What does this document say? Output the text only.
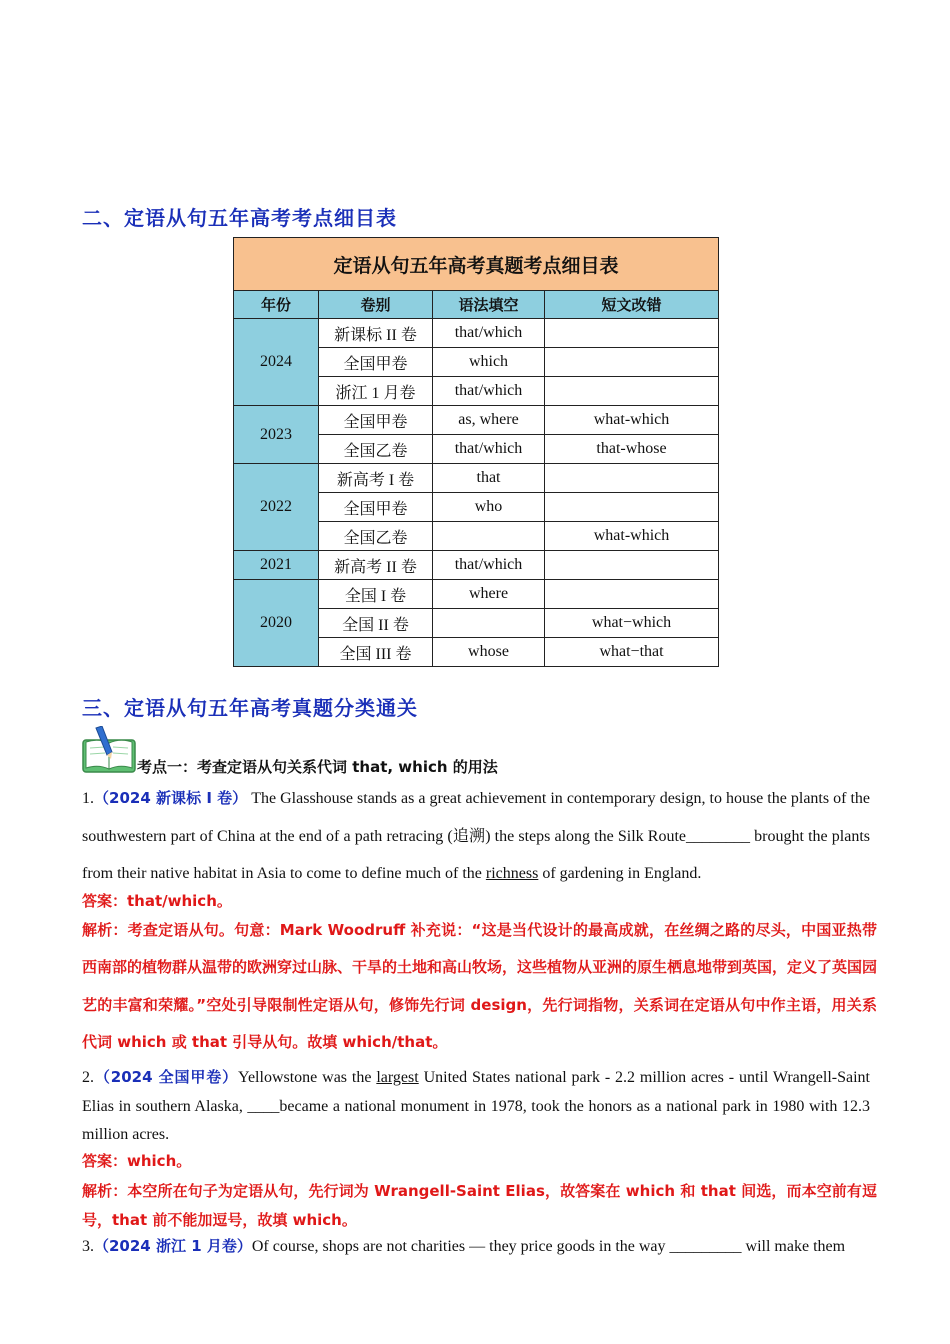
二、定语从句五年高考考点细目表
定语从句五年高考真题考点细目表			
年份	卷别	语法填空	短文改错
2024	新课标 II 卷	that/which	
	全国甲卷	which	
	浙江 1 月卷	that/which	
2023	全国甲卷	as, where	what-which
	全国乙卷	that/which	that-whose
2022	新高考 I 卷	that	
	全国甲卷	who	
	全国乙卷		what-which
2021	新高考 II 卷	that/which	
2020	全国 I 卷	where	
	全国 II 卷		what−which
	全国 III 卷	whose	what−that
三、定语从句五年高考真题分类通关
考点一：考查定语从句关系代词 that, which 的用法
1.（2024 新课标 I 卷） The Glasshouse stands as a great achievement in contemporary design, to house the plants of the southwestern part of China at the end of a path retracing (追溯) the steps along the Silk Route________ brought the plants from their native habitat in Asia to come to define much of the richness of gardening in England.
答案：that/which。
解析：考查定语从句。句意：Mark Woodruff 补充说：“这是当代设计的最高成就，在丝绸之路的尽头，中国亚热带西南部的植物群从温带的欧洲穿过山脉、干旱的土地和高山牧场，这些植物从亚洲的原生栖息地带到英国，定义了英国园艺的丰富和荣耀。”空处引导限制性定语从句，修饰先行词 design，先行词指物，关系词在定语从句中作主语，用关系代词 which 或 that 引导从句。故填 which/that。
2.（2024 全国甲卷）Yellowstone was the largest United States national park - 2.2 million acres - until Wrangell-Saint Elias in southern Alaska, ____became a national monument in 1978, took the honors as a national park in 1980 with 12.3 million acres.
答案：which。
解析：本空所在句子为定语从句，先行词为 Wrangell-Saint Elias，故答案在 which 和 that 间选，而本空前有逗号，that 前不能加逗号，故填 which。
3.（2024 浙江 1 月卷）Of course, shops are not charities — they price goods in the way _________ will make them
